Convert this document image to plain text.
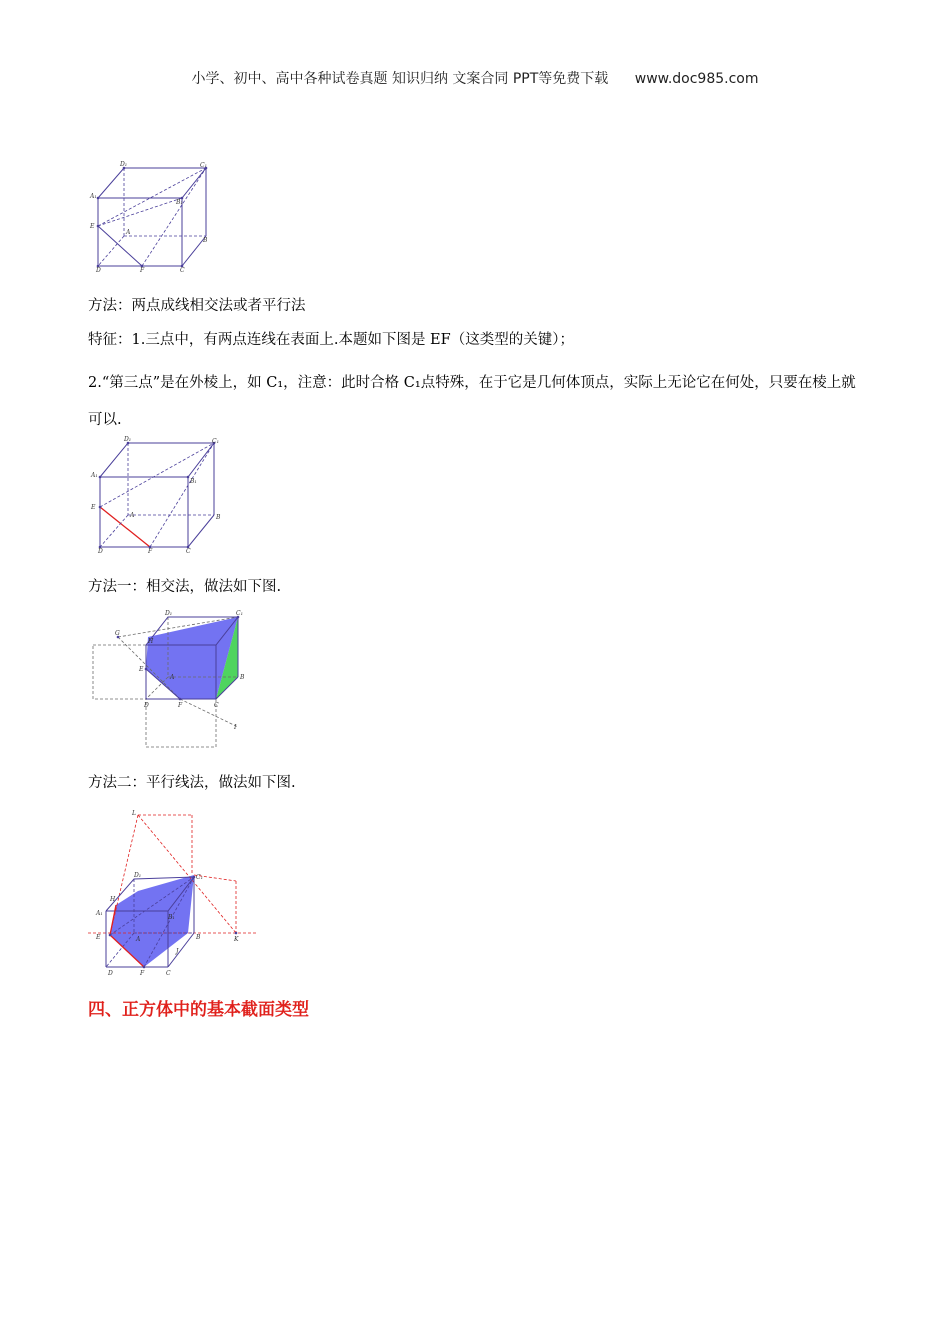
小学、初中、高中各种试卷真题 知识归纳 文案合同 PPT等免费下载 www.doc985.com
D₁	C₁
A₁
B₁
E
A
B
D	F	C
方法：两点成线相交法或者平行法
特征：1.三点中，有两点连线在表面上.本题如下图是 EF（这类型的关键）；
2.“第三点”是在外棱上，如 C₁，注意：此时合格 C₁点特殊，在于它是几何体顶点，实际上无论它在何处，只要在棱上就可以.
D₁	C₁
A₁
B₁
E
A	B
D	F	C
方法一：相交法，做法如下图.
G
D₁	C₁
H
E
A	B
D	F	C
I
方法二：平行线法，做法如下图.
L
D₁	C₁
H
A₁
B₁
E	A	B	K
J
D	F	C
四、正方体中的基本截面类型
